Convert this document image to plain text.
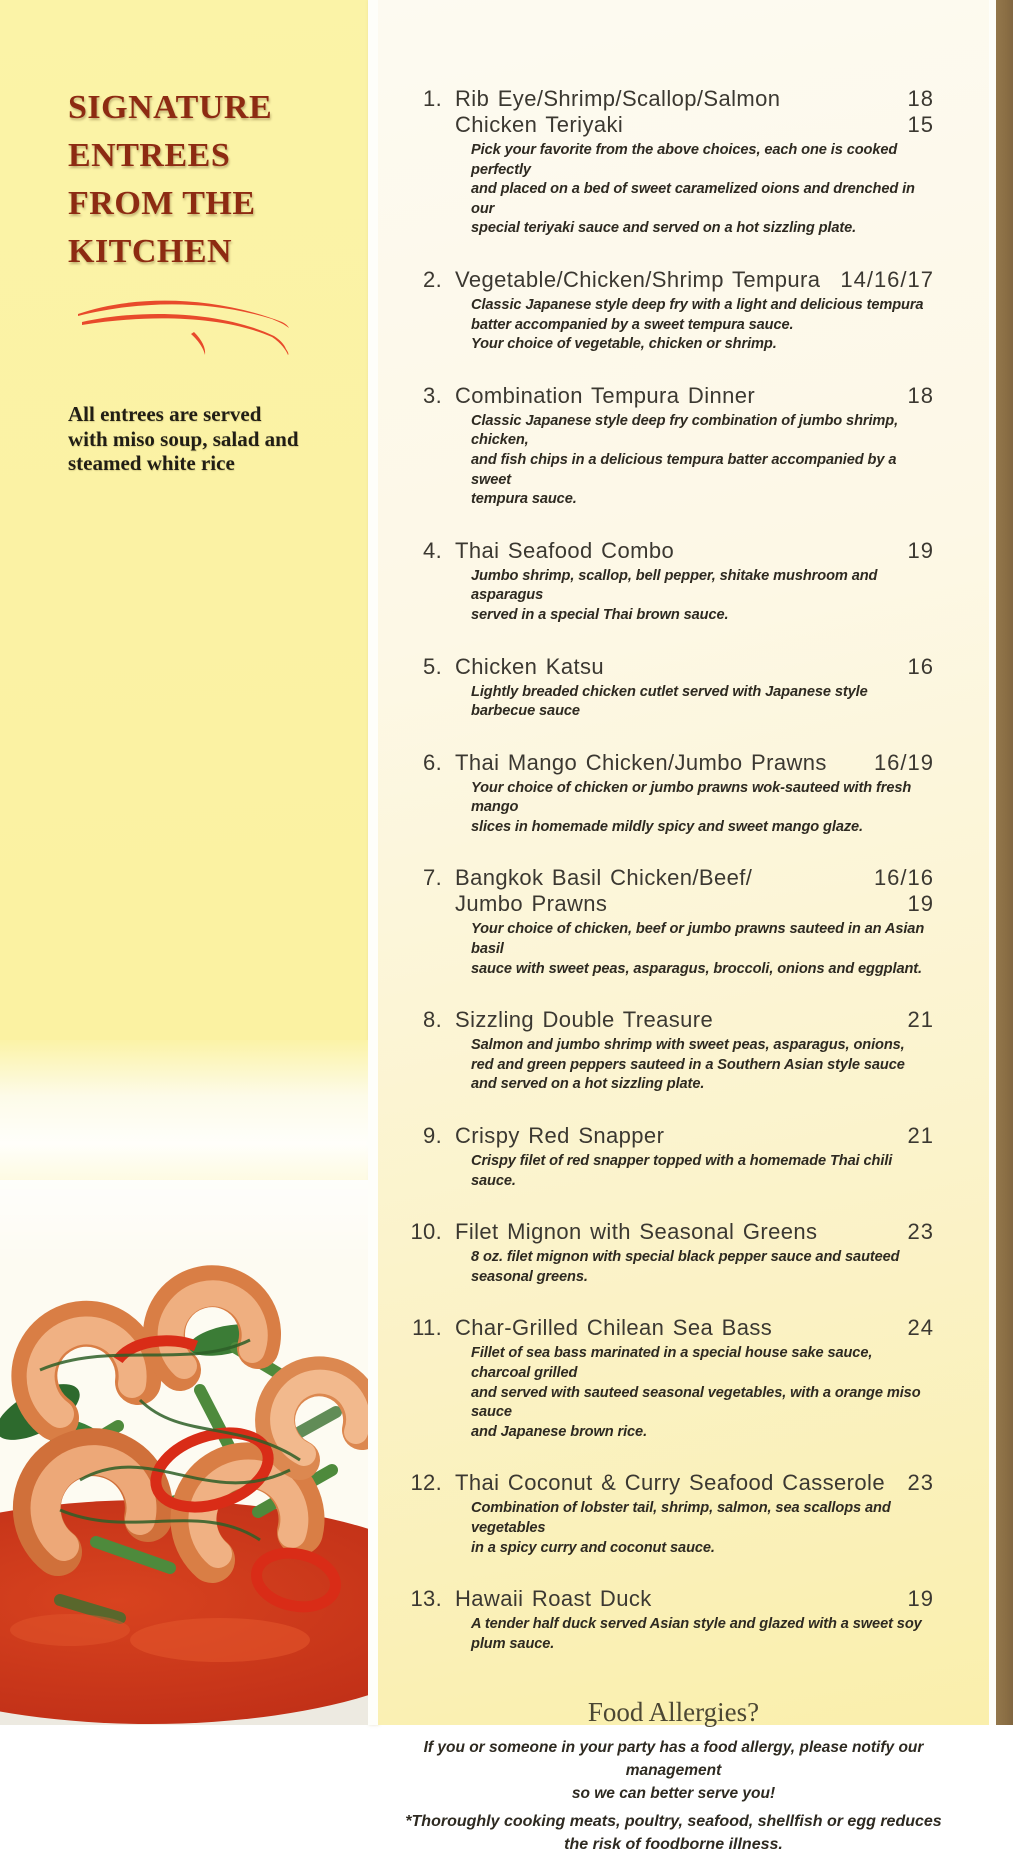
SIGNATURE
ENTREES
FROM THE
KITCHEN

All entrees are served with miso soup, salad and steamed white rice

1. Rib Eye/Shrimp/Scallop/Salmon	18
Chicken Teriyaki	15
Pick your favorite from the above choices, each one is cooked perfectly
and placed on a bed of sweet caramelized oions and drenched in our
special teriyaki sauce and served on a hot sizzling plate.
2. Vegetable/Chicken/Shrimp Tempura 14/16/17
Classic Japanese style deep fry with a light and delicious tempura
batter accompanied by a sweet tempura sauce.
Your choice of vegetable, chicken or shrimp.
3. Combination Tempura Dinner	18
Classic Japanese style deep fry combination of jumbo shrimp, chicken,
and fish chips in a delicious tempura batter accompanied by a sweet
tempura sauce.
4. Thai Seafood Combo	19
Jumbo shrimp, scallop, bell pepper, shitake mushroom and asparagus
served in a special Thai brown sauce.
5. Chicken Katsu	16
Lightly breaded chicken cutlet served with Japanese style barbecue sauce
6. Thai Mango Chicken/Jumbo Prawns	16/19
Your choice of chicken or jumbo prawns wok-sauteed with fresh mango
slices in homemade mildly spicy and sweet mango glaze.
7. Bangkok Basil Chicken/Beef/	16/16
Jumbo Prawns	19
Your choice of chicken, beef or jumbo prawns sauteed in an Asian basil
sauce with sweet peas, asparagus, broccoli, onions and eggplant.
8. Sizzling Double Treasure	21
Salmon and jumbo shrimp with sweet peas, asparagus, onions,
red and green peppers sauteed in a Southern Asian style sauce
and served on a hot sizzling plate.
9. Crispy Red Snapper	21
Crispy filet of red snapper topped with a homemade Thai chili sauce.
10. Filet Mignon with Seasonal Greens	23
8 oz. filet mignon with special black pepper sauce and sauteed
seasonal greens.
11. Char-Grilled Chilean Sea Bass	24
Fillet of sea bass marinated in a special house sake sauce, charcoal grilled
and served with sauteed seasonal vegetables, with a orange miso sauce
and Japanese brown rice.
12. Thai Coconut & Curry Seafood Casserole	23
Combination of lobster tail, shrimp, salmon, sea scallops and vegetables
in a spicy curry and coconut sauce.
13. Hawaii Roast Duck	19
A tender half duck served Asian style and glazed with a sweet soy
plum sauce.
Food Allergies?
If you or someone in your party has a food allergy, please notify our management
so we can better serve you!
*Thoroughly cooking meats, poultry, seafood, shellfish or egg reduces the risk of foodborne illness.
